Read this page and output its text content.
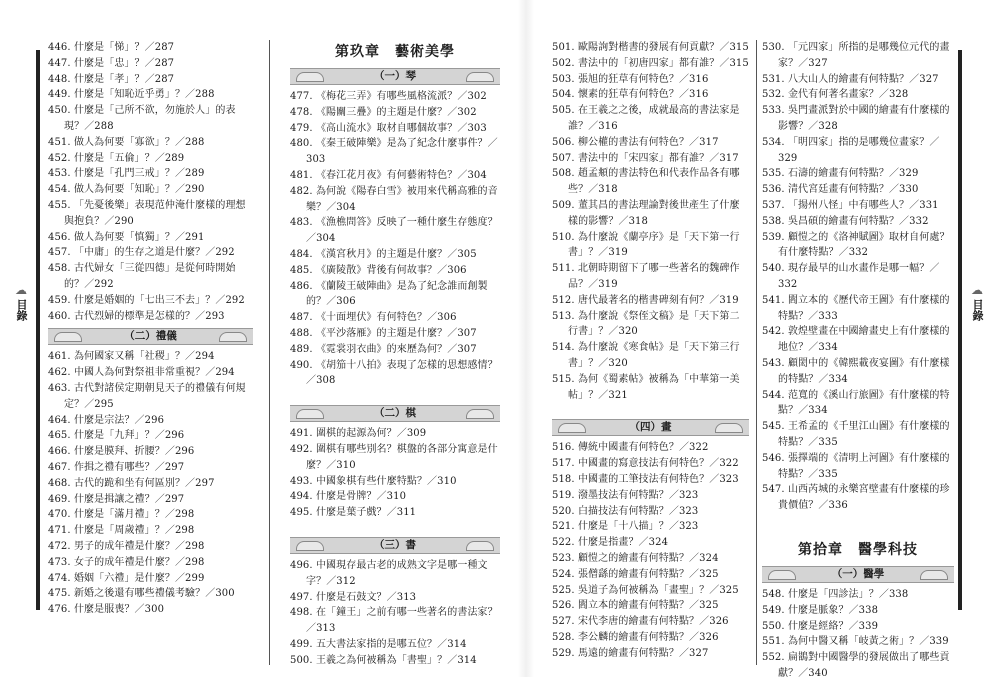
☁
目錄
446. 什麼是「悌」？／287
447. 什麼是「忠」？／287
448. 什麼是「孝」？／287
449. 什麼是「知恥近乎勇」？／288
450. 什麼是「己所不欲，勿施於人」的表現？／288
451. 做人為何要「寡欲」？／288
452. 什麼是「五倫」？／289
453. 什麼是「孔門三戒」？／289
454. 做人為何要「知恥」？／290
455. 「先憂後樂」表現范仲淹什麼樣的理想與抱負？／290
456. 做人為何要「慎獨」？／291
457. 「中庸」的生存之道是什麼？／292
458. 古代婦女「三從四德」是從何時開始的？／292
459. 什麼是婚姻的「七出三不去」？／292
460. 古代烈婦的標準是怎樣的？／293
（二）禮儀
461. 為何國家又稱「社稷」？／294
462. 中國人為何對祭祖非常重視？／294
463. 古代對諸侯定期朝見天子的禮儀有何規定？／295
464. 什麼是宗法？／296
465. 什麼是「九拜」？／296
466. 什麼是膜拜、折腰？／296
467. 作揖之禮有哪些？／297
468. 古代的跪和坐有何區別？／297
469. 什麼是揖讓之禮？／297
470. 什麼是「滿月禮」？／298
471. 什麼是「周歲禮」？／298
472. 男子的成年禮是什麼？／298
473. 女子的成年禮是什麼？／298
474. 婚姻「六禮」是什麼？／299
475. 新婚之後還有哪些禮儀考驗？／300
476. 什麼是服喪？／300
第玖章　藝術美學
（一）琴
477. 《梅花三弄》有哪些風格流派？／302
478. 《陽關三疊》的主題是什麼？／302
479. 《高山流水》取材自哪個故事？／303
480. 《秦王破陣樂》是為了紀念什麼事件？／303
481. 《春江花月夜》有何藝術特色？／304
482. 為何說《陽春白雪》被用來代稱高雅的音樂？／304
483. 《漁樵問答》反映了一種什麼生存態度？／304
484. 《漢宮秋月》的主題是什麼？／305
485. 《廣陵散》背後有何故事？／306
486. 《蘭陵王破陣曲》是為了紀念誰而創製的？／306
487. 《十面埋伏》有何特色？／306
488. 《平沙落雁》的主題是什麼？／307
489. 《霓裳羽衣曲》的來歷為何？／307
490. 《胡笳十八拍》表現了怎樣的思想感情？／308
（二）棋
491. 圍棋的起源為何？／309
492. 圍棋有哪些別名？棋盤的各部分寓意是什麼？／310
493. 中國象棋有些什麼特點？／310
494. 什麼是骨牌？／310
495. 什麼是葉子戲？／311
（三）書
496. 中國現存最古老的成熟文字是哪一種文字？／312
497. 什麼是石鼓文？／313
498. 在「鐘王」之前有哪一些著名的書法家？／313
499. 五大書法家指的是哪五位？／314
500. 王羲之為何被稱為「書聖」？／314
501. 歐陽詢對楷書的發展有何貢獻？／315
502. 書法中的「初唐四家」都有誰？／315
503. 張旭的狂草有何特色？／316
504. 懷素的狂草有何特色？／316
505. 在王羲之之後，成就最高的書法家是誰？／316
506. 柳公權的書法有何特色？／317
507. 書法中的「宋四家」都有誰？／317
508. 趙孟頫的書法特色和代表作品各有哪些？／318
509. 董其昌的書法理論對後世產生了什麼樣的影響？／318
510. 為什麼說《蘭亭序》是「天下第一行書」？／319
511. 北朝時期留下了哪一些著名的魏碑作品？／319
512. 唐代最著名的楷書碑刻有何？／319
513. 為什麼說《祭侄文稿》是「天下第二行書」？／320
514. 為什麼說《寒食帖》是「天下第三行書」？／320
515. 為何《蜀素帖》被稱為「中華第一美帖」？／321
（四）畫
516. 傳統中國畫有何特色？／322
517. 中國畫的寫意技法有何特色？／322
518. 中國畫的工筆技法有何特色？／323
519. 潑墨技法有何特點？／323
520. 白描技法有何特點？／323
521. 什麼是「十八描」？／323
522. 什麼是指畫？／324
523. 顧愷之的繪畫有何特點？／324
524. 張僧繇的繪畫有何特點？／325
525. 吳道子為何被稱為「畫聖」？／325
526. 閻立本的繪畫有何特點？／325
527. 宋代李唐的繪畫有何特點？／326
528. 李公麟的繪畫有何特點？／326
529. 馬遠的繪畫有何特點？／327
530. 「元四家」所指的是哪幾位元代的畫家？／327
531. 八大山人的繪畫有何特點？／327
532. 金代有何著名畫家？／328
533. 吳門畫派對於中國的繪畫有什麼樣的影響？／328
534. 「明四家」指的是哪幾位畫家？／329
535. 石濤的繪畫有何特點？／329
536. 清代宮廷畫有何特點？／330
537. 「揚州八怪」中有哪些人？／331
538. 吳昌碩的繪畫有何特點？／332
539. 顧愷之的《洛神賦圖》取材自何處？有什麼特點？／332
540. 現存最早的山水畫作是哪一幅？／332
541. 閻立本的《歷代帝王圖》有什麼樣的特點？／333
542. 敦煌壁畫在中國繪畫史上有什麼樣的地位？／334
543. 顧閎中的《韓熙載夜宴圖》有什麼樣的特點？／334
544. 范寬的《溪山行旅圖》有什麼樣的特點？／334
545. 王希孟的《千里江山圖》有什麼樣的特點？／335
546. 張擇端的《清明上河圖》有什麼樣的特點？／335
547. 山西芮城的永樂宮壁畫有什麼樣的珍貴價值？／336
第拾章　醫學科技
（一）醫學
548. 什麼是「四診法」？／338
549. 什麼是脈象？／338
550. 什麼是經絡？／339
551. 為何中醫又稱「岐黃之術」？／339
552. 扁鵲對中國醫學的發展做出了哪些貢獻？／340
☁
目錄
